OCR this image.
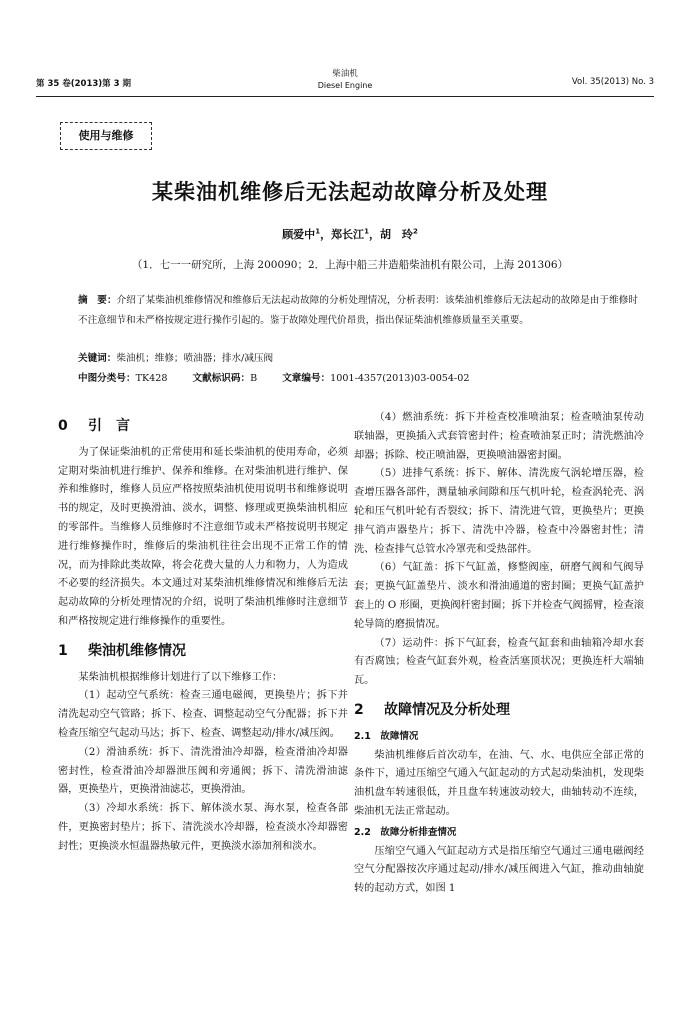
第 35 卷(2013)第 3 期
柴油机
Diesel Engine	Vol. 35(2013) No. 3
使用与维修
某柴油机维修后无法起动故障分析及处理
顾爱中$^1$，郑长江$^1$，胡　玲$^2$
（1．七一一研究所，上海 200090；2．上海中船三井造船柴油机有限公司，上海 201306）
摘　要：介绍了某柴油机维修情况和维修后无法起动故障的分析处理情况，分析表明：该柴油机维修后无法起动的故障是由于维修时不注意细节和未严格按规定进行操作引起的。鉴于故障处理代价昂贵，指出保证柴油机维修质量至关重要。
关键词：柴油机；维修；喷油器；排水/减压阀
中图分类号：TK428	文献标识码：B	文章编号：1001-4357(2013)03-0054-02
0 引　言

为了保证柴油机的正常使用和延长柴油机的使用寿命，必须定期对柴油机进行维护、保养和维修。在对柴油机进行维护、保养和维修时，维修人员应严格按照柴油机使用说明书和维修说明书的规定，及时更换滑油、淡水，调整、修理或更换柴油机相应的零部件。当维修人员维修时不注意细节或未严格按说明书规定进行维修操作时，维修后的柴油机往往会出现不正常工作的情况，而为排除此类故障，将会花费大量的人力和物力，人为造成不必要的经济损失。本文通过对某柴油机维修情况和维修后无法起动故障的分析处理情况的介绍，说明了柴油机维修时注意细节和严格按规定进行维修操作的重要性。

1 柴油机维修情况

某柴油机根据维修计划进行了以下维修工作：

（1）起动空气系统：检查三通电磁阀，更换垫片；拆下并清洗起动空气管路；拆下、检查、调整起动空气分配器；拆下并检查压缩空气起动马达；拆下、检查、调整起动/排水/减压阀。

（2）滑油系统：拆下、清洗滑油冷却器，检查滑油冷却器密封性，检查滑油冷却器泄压阀和旁通阀；拆下、清洗滑油滤器，更换垫片，更换滑油滤芯，更换滑油。

（3）冷却水系统：拆下、解体淡水泵、海水泵，检查各部件，更换密封垫片；拆下、清洗淡水冷却器，检查淡水冷却器密封性；更换淡水恒温器热敏元件，更换淡水添加剂和淡水。

（4）燃油系统：拆下并检查校准喷油泵；检查喷油泵传动联轴器，更换插入式套管密封件；检查喷油泵正时；清洗燃油冷却器；拆除、校正喷油器，更换喷油器密封圈。

（5）进排气系统：拆下、解体、清洗废气涡轮增压器，检查增压器各部件，测量轴承间隙和压气机叶轮，检查涡轮壳、涡轮和压气机叶轮有否裂纹；拆下、清洗进气管，更换垫片；更换排气消声器垫片；拆下、清洗中冷器，检查中冷器密封性；清洗、检查排气总管水冷罩壳和受热部件。

（6）气缸盖：拆下气缸盖，修整阀座，研磨气阀和气阀导套；更换气缸盖垫片、淡水和滑油通道的密封圈；更换气缸盖护套上的 O 形圈，更换阀杆密封圈；拆下并检查气阀摇臂，检查滚轮导筒的磨损情况。

（7）运动件：拆下气缸套，检查气缸套和曲轴箱冷却水套有否腐蚀；检查气缸套外观，检查活塞顶状况；更换连杆大端轴瓦。

2 故障情况及分析处理
2.1　故障情况

柴油机维修后首次动车，在油、气、水、电供应全部正常的条件下，通过压缩空气通入气缸起动的方式起动柴油机，发现柴油机盘车转速很低，并且盘车转速波动较大，曲轴转动不连续，柴油机无法正常起动。

2.2　故障分析排查情况

压缩空气通入气缸起动方式是指压缩空气通过三通电磁阀经空气分配器按次序通过起动/排水/减压阀进入气缸，推动曲轴旋转的起动方式，如图 1
